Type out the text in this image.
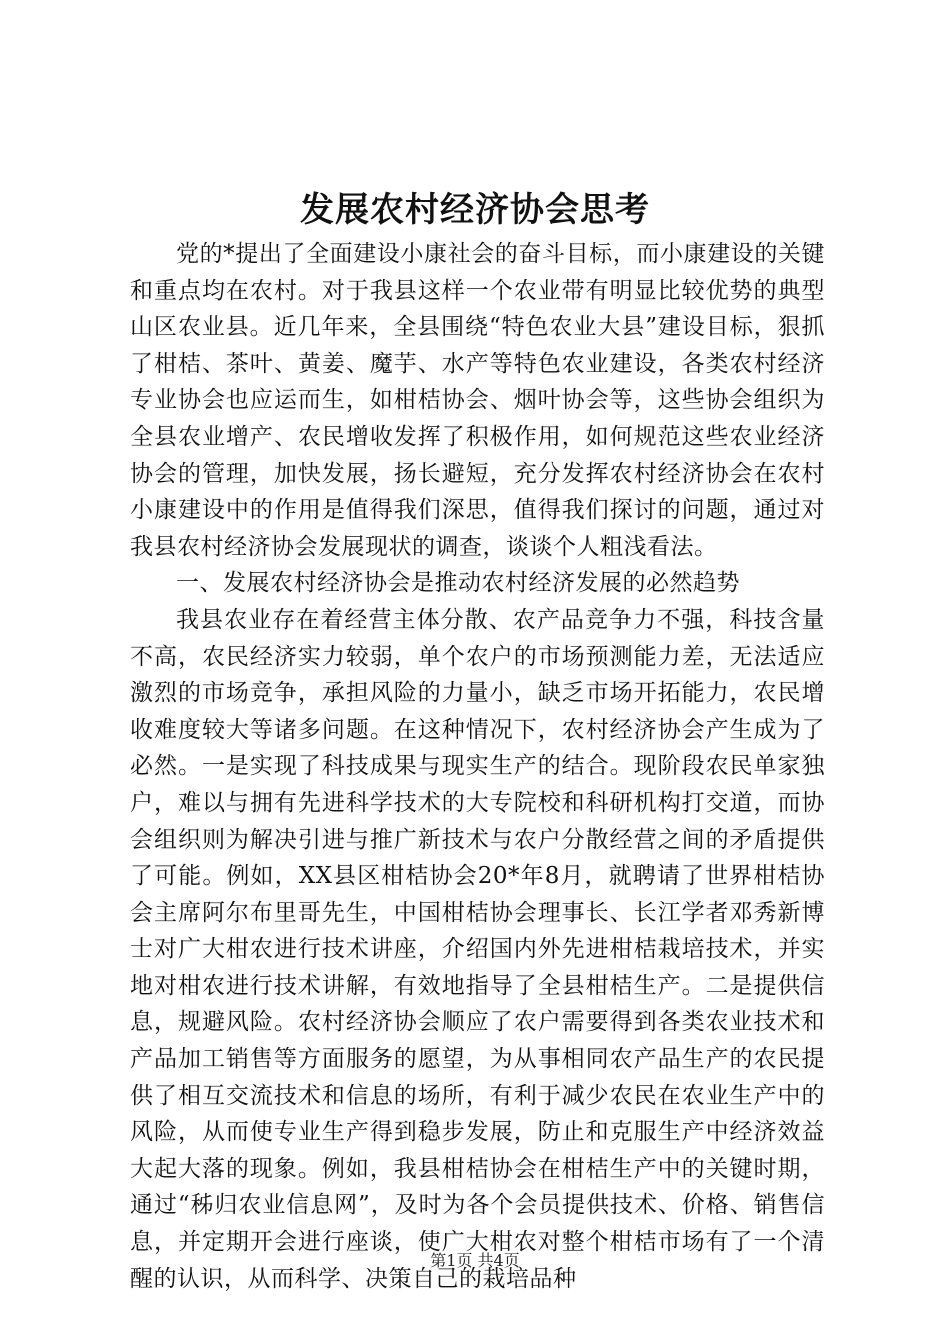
发展农村经济协会思考

党的*提出了全面建设小康社会的奋斗目标，而小康建设的关键和重点均在农村。对于我县这样一个农业带有明显比较优势的典型山区农业县。近几年来，全县围绕“特色农业大县”建设目标，狠抓了柑桔、茶叶、黄姜、魔芋、水产等特色农业建设，各类农村经济专业协会也应运而生，如柑桔协会、烟叶协会等，这些协会组织为全县农业增产、农民增收发挥了积极作用，如何规范这些农业经济协会的管理，加快发展，扬长避短，充分发挥农村经济协会在农村小康建设中的作用是值得我们深思，值得我们探讨的问题，通过对我县农村经济协会发展现状的调查，谈谈个人粗浅看法。

一、发展农村经济协会是推动农村经济发展的必然趋势

我县农业存在着经营主体分散、农产品竞争力不强，科技含量不高，农民经济实力较弱，单个农户的市场预测能力差，无法适应激烈的市场竞争，承担风险的力量小，缺乏市场开拓能力，农民增收难度较大等诸多问题。在这种情况下，农村经济协会产生成为了必然。一是实现了科技成果与现实生产的结合。现阶段农民单家独户，难以与拥有先进科学技术的大专院校和科研机构打交道，而协会组织则为解决引进与推广新技术与农户分散经营之间的矛盾提供了可能。例如，XX县区柑桔协会20*年8月，就聘请了世界柑桔协会主席阿尔布里哥先生，中国柑桔协会理事长、长江学者邓秀新博士对广大柑农进行技术讲座，介绍国内外先进柑桔栽培技术，并实地对柑农进行技术讲解，有效地指导了全县柑桔生产。二是提供信息，规避风险。农村经济协会顺应了农户需要得到各类农业技术和产品加工销售等方面服务的愿望，为从事相同农产品生产的农民提供了相互交流技术和信息的场所，有利于减少农民在农业生产中的风险，从而使专业生产得到稳步发展，防止和克服生产中经济效益大起大落的现象。例如，我县柑桔协会在柑桔生产中的关键时期，通过“秭归农业信息网”，及时为各个会员提供技术、价格、销售信息，并定期开会进行座谈，使广大柑农对整个柑桔市场有了一个清醒的认识，从而科学、决策自己的栽培品种

第1页 共4页
